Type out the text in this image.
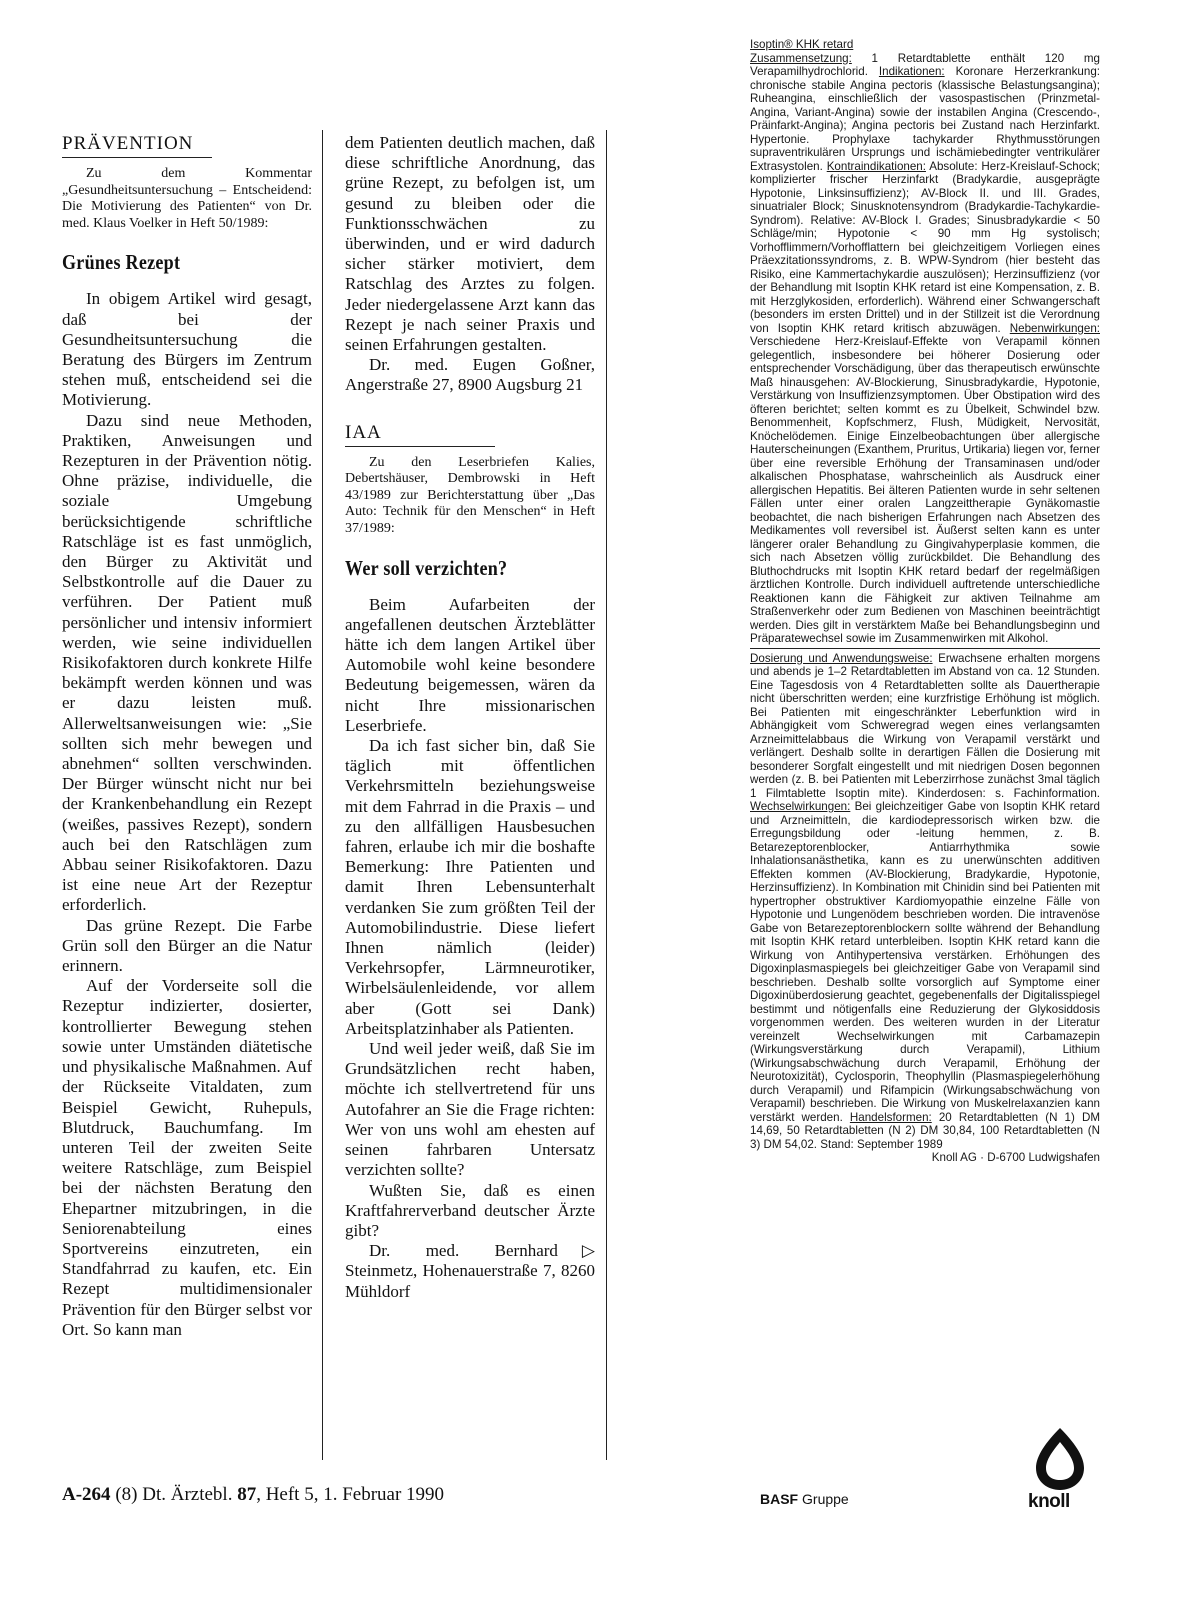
PRÄVENTION

Zu dem Kommentar „Gesundheitsuntersuchung – Entscheidend: Die Motivierung des Patienten“ von Dr. med. Klaus Voelker in Heft 50/1989:

Grünes Rezept

In obigem Artikel wird gesagt, daß bei der Gesundheitsuntersuchung die Beratung des Bürgers im Zentrum stehen muß, entscheidend sei die Motivierung.

Dazu sind neue Methoden, Praktiken, Anweisungen und Rezepturen in der Prävention nötig. Ohne präzise, individuelle, die soziale Umgebung berücksichtigende schriftliche Ratschläge ist es fast unmöglich, den Bürger zu Aktivität und Selbstkontrolle auf die Dauer zu verführen. Der Patient muß persönlicher und intensiv informiert werden, wie seine individuellen Risikofaktoren durch konkrete Hilfe bekämpft werden können und was er dazu leisten muß. Allerweltsanweisungen wie: „Sie sollten sich mehr bewegen und abnehmen“ sollten verschwinden. Der Bürger wünscht nicht nur bei der Krankenbehandlung ein Rezept (weißes, passives Rezept), sondern auch bei den Ratschlägen zum Abbau seiner Risikofaktoren. Dazu ist eine neue Art der Rezeptur erforderlich.

Das grüne Rezept. Die Farbe Grün soll den Bürger an die Natur erinnern.

Auf der Vorderseite soll die Rezeptur indizierter, dosierter, kontrollierter Bewegung stehen sowie unter Umständen diätetische und physikalische Maßnahmen. Auf der Rückseite Vitaldaten, zum Beispiel Gewicht, Ruhepuls, Blutdruck, Bauchumfang. Im unteren Teil der zweiten Seite weitere Ratschläge, zum Beispiel bei der nächsten Beratung den Ehepartner mitzubringen, in die Seniorenabteilung eines Sportvereins einzutreten, ein Standfahrrad zu kaufen, etc. Ein Rezept multidimensionaler Prävention für den Bürger selbst vor Ort. So kann man

dem Patienten deutlich machen, daß diese schriftliche Anordnung, das grüne Rezept, zu befolgen ist, um gesund zu bleiben oder die Funktionsschwächen zu überwinden, und er wird dadurch sicher stärker motiviert, dem Ratschlag des Arztes zu folgen. Jeder niedergelassene Arzt kann das Rezept je nach seiner Praxis und seinen Erfahrungen gestalten.

Dr. med. Eugen Goßner, Angerstraße 27, 8900 Augsburg 21

IAA

Zu den Leserbriefen Kalies, Debertshäuser, Dembrowski in Heft 43/1989 zur Berichterstattung über „Das Auto: Technik für den Menschen“ in Heft 37/1989:

Wer soll verzichten?

Beim Aufarbeiten der angefallenen deutschen Ärzteblätter hätte ich dem langen Artikel über Automobile wohl keine besondere Bedeutung beigemessen, wären da nicht Ihre missionarischen Leserbriefe.

Da ich fast sicher bin, daß Sie täglich mit öffentlichen Verkehrsmitteln beziehungsweise mit dem Fahrrad in die Praxis – und zu den allfälligen Hausbesuchen fahren, erlaube ich mir die boshafte Bemerkung: Ihre Patienten und damit Ihren Lebensunterhalt verdanken Sie zum größten Teil der Automobilindustrie. Diese liefert Ihnen nämlich (leider) Verkehrsopfer, Lärmneurotiker, Wirbelsäulenleidende, vor allem aber (Gott sei Dank) Arbeitsplatzinhaber als Patienten.

Und weil jeder weiß, daß Sie im Grundsätzlichen recht haben, möchte ich stellvertretend für uns Autofahrer an Sie die Frage richten: Wer von uns wohl am ehesten auf seinen fahrbaren Untersatz verzichten sollte?

Wußten Sie, daß es einen Kraftfahrerverband deutscher Ärzte gibt?

▷
Dr. med. Bernhard Steinmetz, Hohenauerstraße 7, 8260 Mühldorf

Isoptin® KHK retard

Zusammensetzung: 1 Retardtablette enthält 120 mg Verapamilhydrochlorid. Indikationen: Koronare Herzerkrankung: chronische stabile Angina pectoris (klassische Belastungsangina); Ruheangina, einschließlich der vasospastischen (Prinzmetal-Angina, Variant-Angina) sowie der instabilen Angina (Crescendo-, Präinfarkt-Angina); Angina pectoris bei Zustand nach Herzinfarkt. Hypertonie. Prophylaxe tachykarder Rhythmusstörungen supraventrikulären Ursprungs und ischämiebedingter ventrikulärer Extrasystolen. Kontraindikationen: Absolute: Herz-Kreislauf-Schock; komplizierter frischer Herzinfarkt (Bradykardie, ausgeprägte Hypotonie, Linksinsuffizienz); AV-Block II. und III. Grades, sinuatrialer Block; Sinusknotensyndrom (Bradykardie-Tachykardie-Syndrom). Relative: AV-Block I. Grades; Sinusbradykardie < 50 Schläge/min; Hypotonie < 90 mm Hg systolisch; Vorhofflimmern/Vorhofflattern bei gleichzeitigem Vorliegen eines Präexzitationssyndroms, z. B. WPW-Syndrom (hier besteht das Risiko, eine Kammertachykardie auszulösen); Herzinsuffizienz (vor der Behandlung mit Isoptin KHK retard ist eine Kompensation, z. B. mit Herzglykosiden, erforderlich). Während einer Schwangerschaft (besonders im ersten Drittel) und in der Stillzeit ist die Verordnung von Isoptin KHK retard kritisch abzuwägen. Nebenwirkungen: Verschiedene Herz-Kreislauf-Effekte von Verapamil können gelegentlich, insbesondere bei höherer Dosierung oder entsprechender Vorschädigung, über das therapeutisch erwünschte Maß hinausgehen: AV-Blockierung, Sinusbradykardie, Hypotonie, Verstärkung von Insuffizienzsymptomen. Über Obstipation wird des öfteren berichtet; selten kommt es zu Übelkeit, Schwindel bzw. Benommenheit, Kopfschmerz, Flush, Müdigkeit, Nervosität, Knöchelödemen. Einige Einzelbeobachtungen über allergische Hauterscheinungen (Exanthem, Pruritus, Urtikaria) liegen vor, ferner über eine reversible Erhöhung der Transaminasen und/oder alkalischen Phosphatase, wahrscheinlich als Ausdruck einer allergischen Hepatitis. Bei älteren Patienten wurde in sehr seltenen Fällen unter einer oralen Langzeittherapie Gynäkomastie beobachtet, die nach bisherigen Erfahrungen nach Absetzen des Medikamentes voll reversibel ist. Äußerst selten kann es unter längerer oraler Behandlung zu Gingivahyperplasie kommen, die sich nach Absetzen völlig zurückbildet. Die Behandlung des Bluthochdrucks mit Isoptin KHK retard bedarf der regelmäßigen ärztlichen Kontrolle. Durch individuell auftretende unterschiedliche Reaktionen kann die Fähigkeit zur aktiven Teilnahme am Straßenverkehr oder zum Bedienen von Maschinen beeinträchtigt werden. Dies gilt in verstärktem Maße bei Behandlungsbeginn und Präparatewechsel sowie im Zusammenwirken mit Alkohol.

Dosierung und Anwendungsweise: Erwachsene erhalten morgens und abends je 1–2 Retardtabletten im Abstand von ca. 12 Stunden. Eine Tagesdosis von 4 Retardtabletten sollte als Dauertherapie nicht überschritten werden; eine kurzfristige Erhöhung ist möglich. Bei Patienten mit eingeschränkter Leberfunktion wird in Abhängigkeit vom Schweregrad wegen eines verlangsamten Arzneimittelabbaus die Wirkung von Verapamil verstärkt und verlängert. Deshalb sollte in derartigen Fällen die Dosierung mit besonderer Sorgfalt eingestellt und mit niedrigen Dosen begonnen werden (z. B. bei Patienten mit Leberzirrhose zunächst 3mal täglich 1 Filmtablette Isoptin mite). Kinderdosen: s. Fachinformation. Wechselwirkungen: Bei gleichzeitiger Gabe von Isoptin KHK retard und Arzneimitteln, die kardiodepressorisch wirken bzw. die Erregungsbildung oder -leitung hemmen, z. B. Betarezeptorenblocker, Antiarrhythmika sowie Inhalationsanästhetika, kann es zu unerwünschten additiven Effekten kommen (AV-Blockierung, Bradykardie, Hypotonie, Herzinsuffizienz). In Kombination mit Chinidin sind bei Patienten mit hypertropher obstruktiver Kardiomyopathie einzelne Fälle von Hypotonie und Lungenödem beschrieben worden. Die intravenöse Gabe von Betarezeptorenblockern sollte während der Behandlung mit Isoptin KHK retard unterbleiben. Isoptin KHK retard kann die Wirkung von Antihypertensiva verstärken. Erhöhungen des Digoxinplasmaspiegels bei gleichzeitiger Gabe von Verapamil sind beschrieben. Deshalb sollte vorsorglich auf Symptome einer Digoxinüberdosierung geachtet, gegebenenfalls der Digitalisspiegel bestimmt und nötigenfalls eine Reduzierung der Glykosiddosis vorgenommen werden. Des weiteren wurden in der Literatur vereinzelt Wechselwirkungen mit Carbamazepin (Wirkungsverstärkung durch Verapamil), Lithium (Wirkungsabschwächung durch Verapamil, Erhöhung der Neurotoxizität), Cyclosporin, Theophyllin (Plasmaspiegelerhöhung durch Verapamil) und Rifampicin (Wirkungsabschwächung von Verapamil) beschrieben. Die Wirkung von Muskelrelaxanzien kann verstärkt werden. Handelsformen: 20 Retardtabletten (N 1) DM 14,69, 50 Retardtabletten (N 2) DM 30,84, 100 Retardtabletten (N 3) DM 54,02. Stand: September 1989

Knoll AG · D-6700 Ludwigshafen

A-264 (8) Dt. Ärztebl. 87, Heft 5, 1. Februar 1990	BASF Gruppe	knoll
